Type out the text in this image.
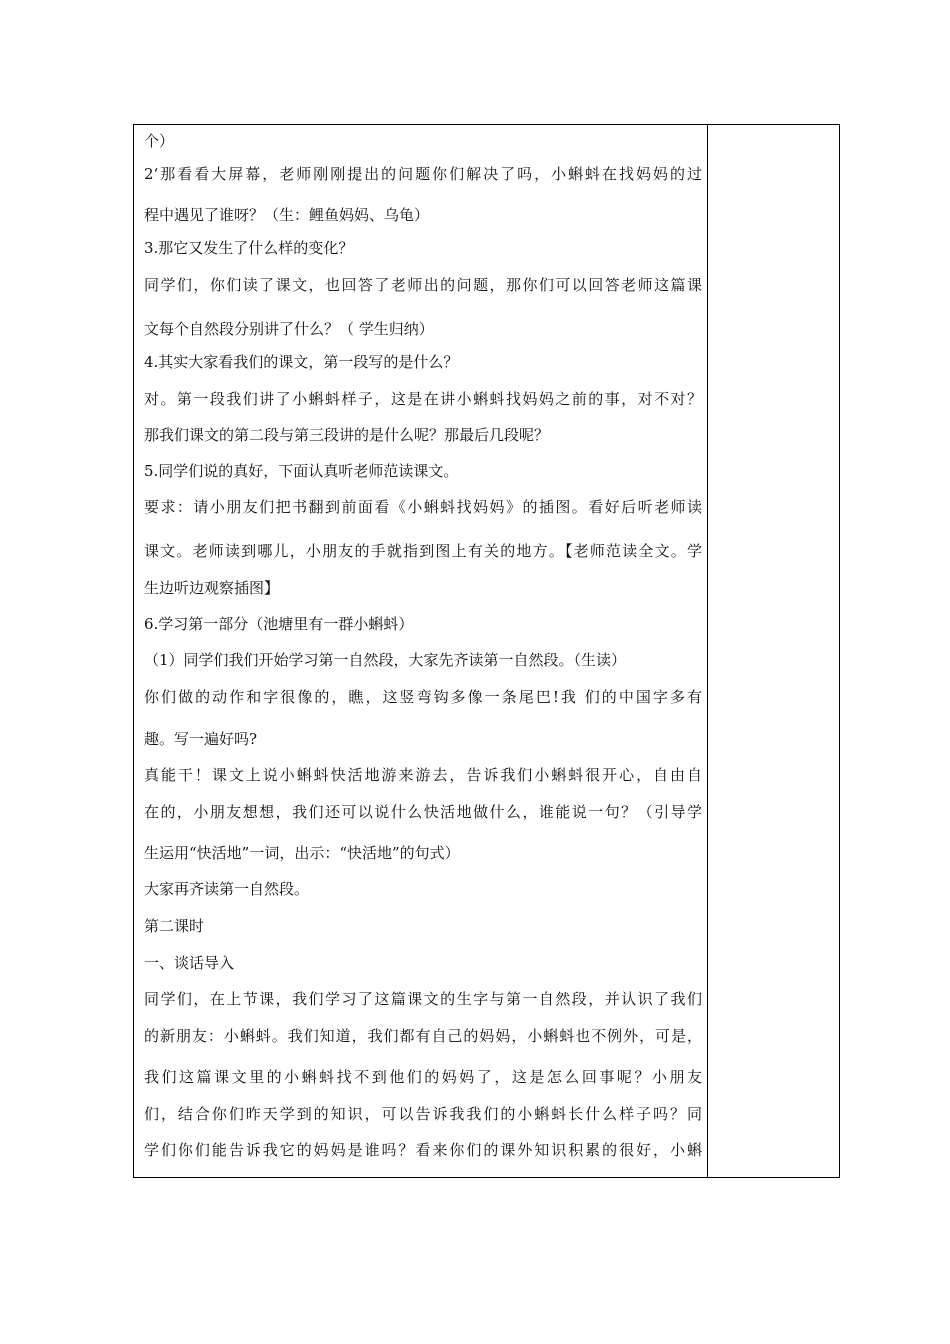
个）
2‘那看看大屏幕，老师刚刚提出的问题你们解决了吗，小蝌蚪在找妈妈的过
程中遇见了谁呀？（生：鲤鱼妈妈、乌龟）
3.那它又发生了什么样的变化？
同学们，你们读了课文，也回答了老师出的问题，那你们可以回答老师这篇课
文每个自然段分别讲了什么？（ 学生归纳）
4.其实大家看我们的课文，第一段写的是什么？
对。第一段我们讲了小蝌蚪样子，这是在讲小蝌蚪找妈妈之前的事，对不对？
那我们课文的第二段与第三段讲的是什么呢？那最后几段呢？
5.同学们说的真好，下面认真听老师范读课文。
要求：请小朋友们把书翻到前面看《小蝌蚪找妈妈》的插图。看好后听老师读
课文。老师读到哪儿，小朋友的手就指到图上有关的地方。【老师范读全文。学
生边听边观察插图】
6.学习第一部分（池塘里有一群小蝌蚪）
（1）同学们我们开始学习第一自然段，大家先齐读第一自然段。（生读）
你们做的动作和字很像的，瞧，这竖弯钩多像一条尾巴!我 们的中国字多有
趣。写一遍好吗?
真能干！课文上说小蝌蚪快活地游来游去，告诉我们小蝌蚪很开心，自由自
在的，小朋友想想，我们还可以说什么快活地做什么，谁能说一句？（引导学
生运用“快活地”一词，出示：“快活地”的句式）
大家再齐读第一自然段。
第二课时
一、谈话导入
同学们，在上节课，我们学习了这篇课文的生字与第一自然段，并认识了我们
的新朋友：小蝌蚪。我们知道，我们都有自己的妈妈，小蝌蚪也不例外，可是，
我们这篇课文里的小蝌蚪找不到他们的妈妈了，这是怎么回事呢？小朋友
们，结合你们昨天学到的知识，可以告诉我我们的小蝌蚪长什么样子吗？同
学们你们能告诉我它的妈妈是谁吗？看来你们的课外知识积累的很好，小蝌
